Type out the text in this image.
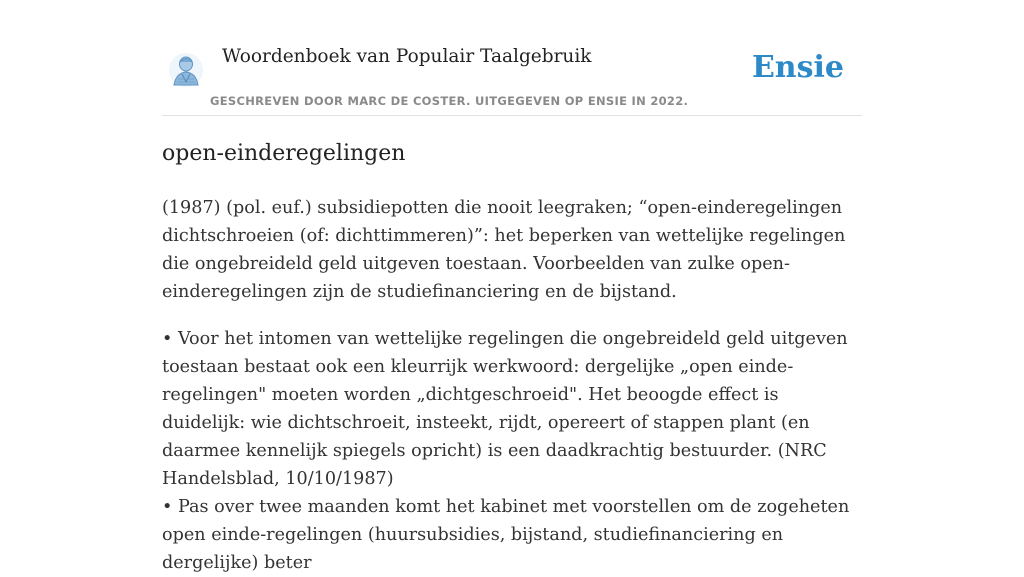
Woordenboek van Populair Taalgebruik
GESCHREVEN DOOR MARC DE COSTER. UITGEGEVEN OP ENSIE IN 2022.
Ensie
open-einderegelingen

(1987) (pol. euf.) subsidiepotten die nooit leegraken; “open-einderegelingen dichtschroeien (of: dichttimmeren)”: het beperken van wettelijke regelingen die ongebreideld geld uitgeven toestaan. Voorbeelden van zulke open-einderegelingen zijn de studiefinanciering en de bijstand.

• Voor het intomen van wettelijke regelingen die ongebreideld geld uitgeven toestaan bestaat ook een kleurrijk werkwoord: dergelijke „open einde- regelingen" moeten worden „dichtgeschroeid". Het beoogde effect is duidelijk: wie dichtschroeit, insteekt, rijdt, opereert of stappen plant (en daarmee kennelijk spiegels opricht) is een daadkrachtig bestuurder. (NRC Handelsblad, 10/10/1987)
• Pas over twee maanden komt het kabinet met voorstellen om de zogeheten open einde-regelingen (huursubsidies, bijstand, studiefinanciering en dergelijke) beter
